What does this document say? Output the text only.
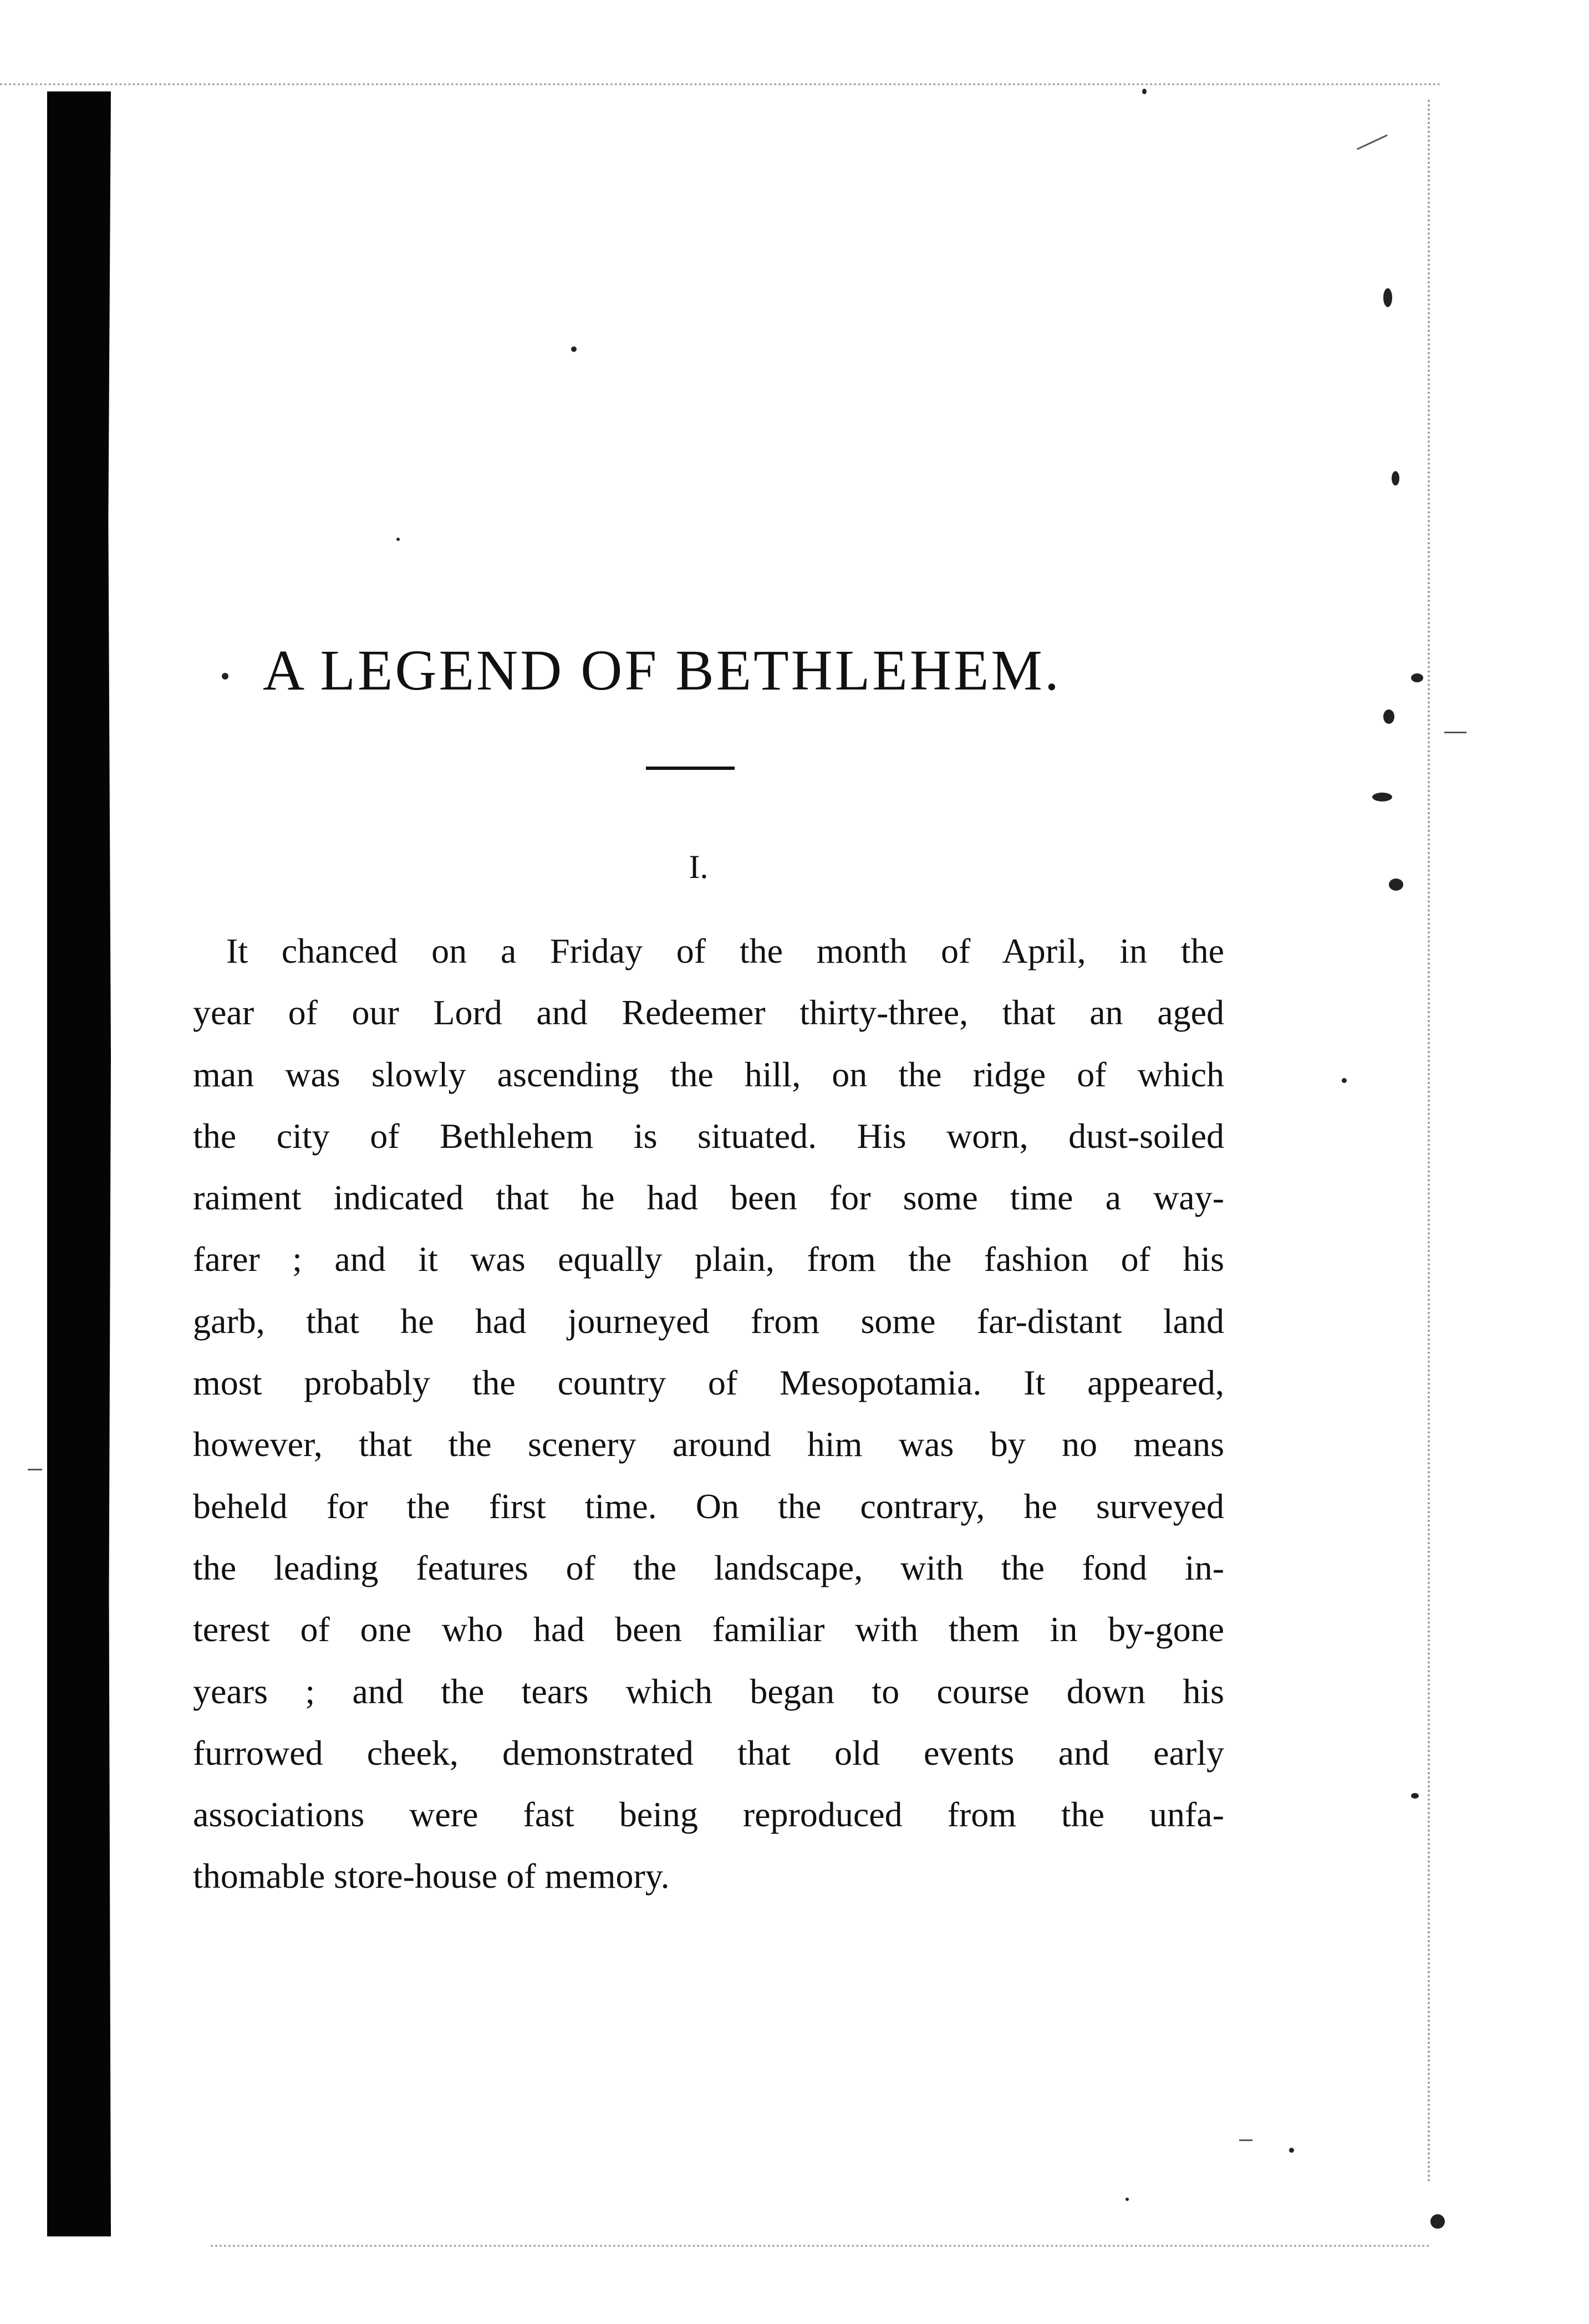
A LEGEND OF BETHLEHEM.
I.
It chanced on a Friday of the month of April, in the
year of our Lord and Redeemer thirty-three, that an aged
man was slowly ascending the hill, on the ridge of which
the city of Bethlehem is situated. His worn, dust-soiled
raiment indicated that he had been for some time a way-
farer ; and it was equally plain, from the fashion of his
garb, that he had journeyed from some far-distant land
most probably the country of Mesopotamia. It appeared,
however, that the scenery around him was by no means
beheld for the first time. On the contrary, he surveyed
the leading features of the landscape, with the fond in-
terest of one who had been familiar with them in by-gone
years ; and the tears which began to course down his
furrowed cheek, demonstrated that old events and early
associations were fast being reproduced from the unfa-
thomable store-house of memory.
